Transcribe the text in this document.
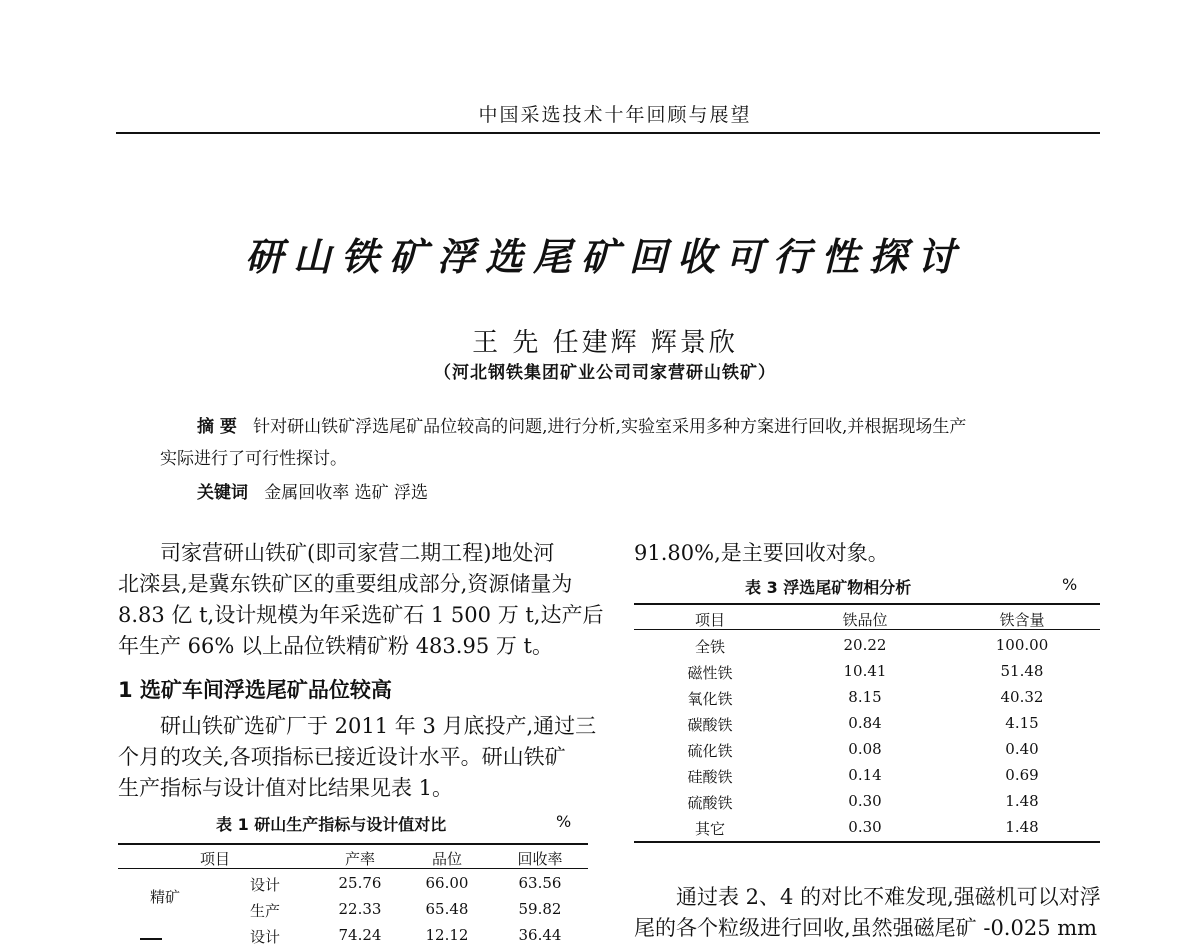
中国采选技术十年回顾与展望
研山铁矿浮选尾矿回收可行性探讨
王 先 任建辉 辉景欣
（河北钢铁集团矿业公司司家营研山铁矿）
摘 要 针对研山铁矿浮选尾矿品位较高的问题,进行分析,实验室采用多种方案进行回收,并根据现场生产
实际进行了可行性探讨。
关键词 金属回收率 选矿 浮选
司家营研山铁矿(即司家营二期工程)地处河
北滦县,是冀东铁矿区的重要组成部分,资源储量为
8.83 亿 t,设计规模为年采选矿石 1 500 万 t,达产后
年生产 66% 以上品位铁精矿粉 483.95 万 t。
1 选矿车间浮选尾矿品位较高
研山铁矿选矿厂于 2011 年 3 月底投产,通过三
个月的攻关,各项指标已接近设计水平。研山铁矿
生产指标与设计值对比结果见表 1。
表 1 研山生产指标与设计值对比	%
项目	产率	品位	回收率
精矿
设计	25.76	66.00	63.56
生产	22.33	65.48	59.82
设计	74.24	12.12	36.44
91.80%,是主要回收对象。
表 3 浮选尾矿物相分析	%
项目	铁品位	铁含量
全铁	20.22	100.00
磁性铁	10.41	51.48
氧化铁	8.15	40.32
碳酸铁	0.84	4.15
硫化铁	0.08	0.40
硅酸铁	0.14	0.69
硫酸铁	0.30	1.48
其它	0.30	1.48
通过表 2、4 的对比不难发现,强磁机可以对浮
尾的各个粒级进行回收,虽然强磁尾矿 -0.025 mm
